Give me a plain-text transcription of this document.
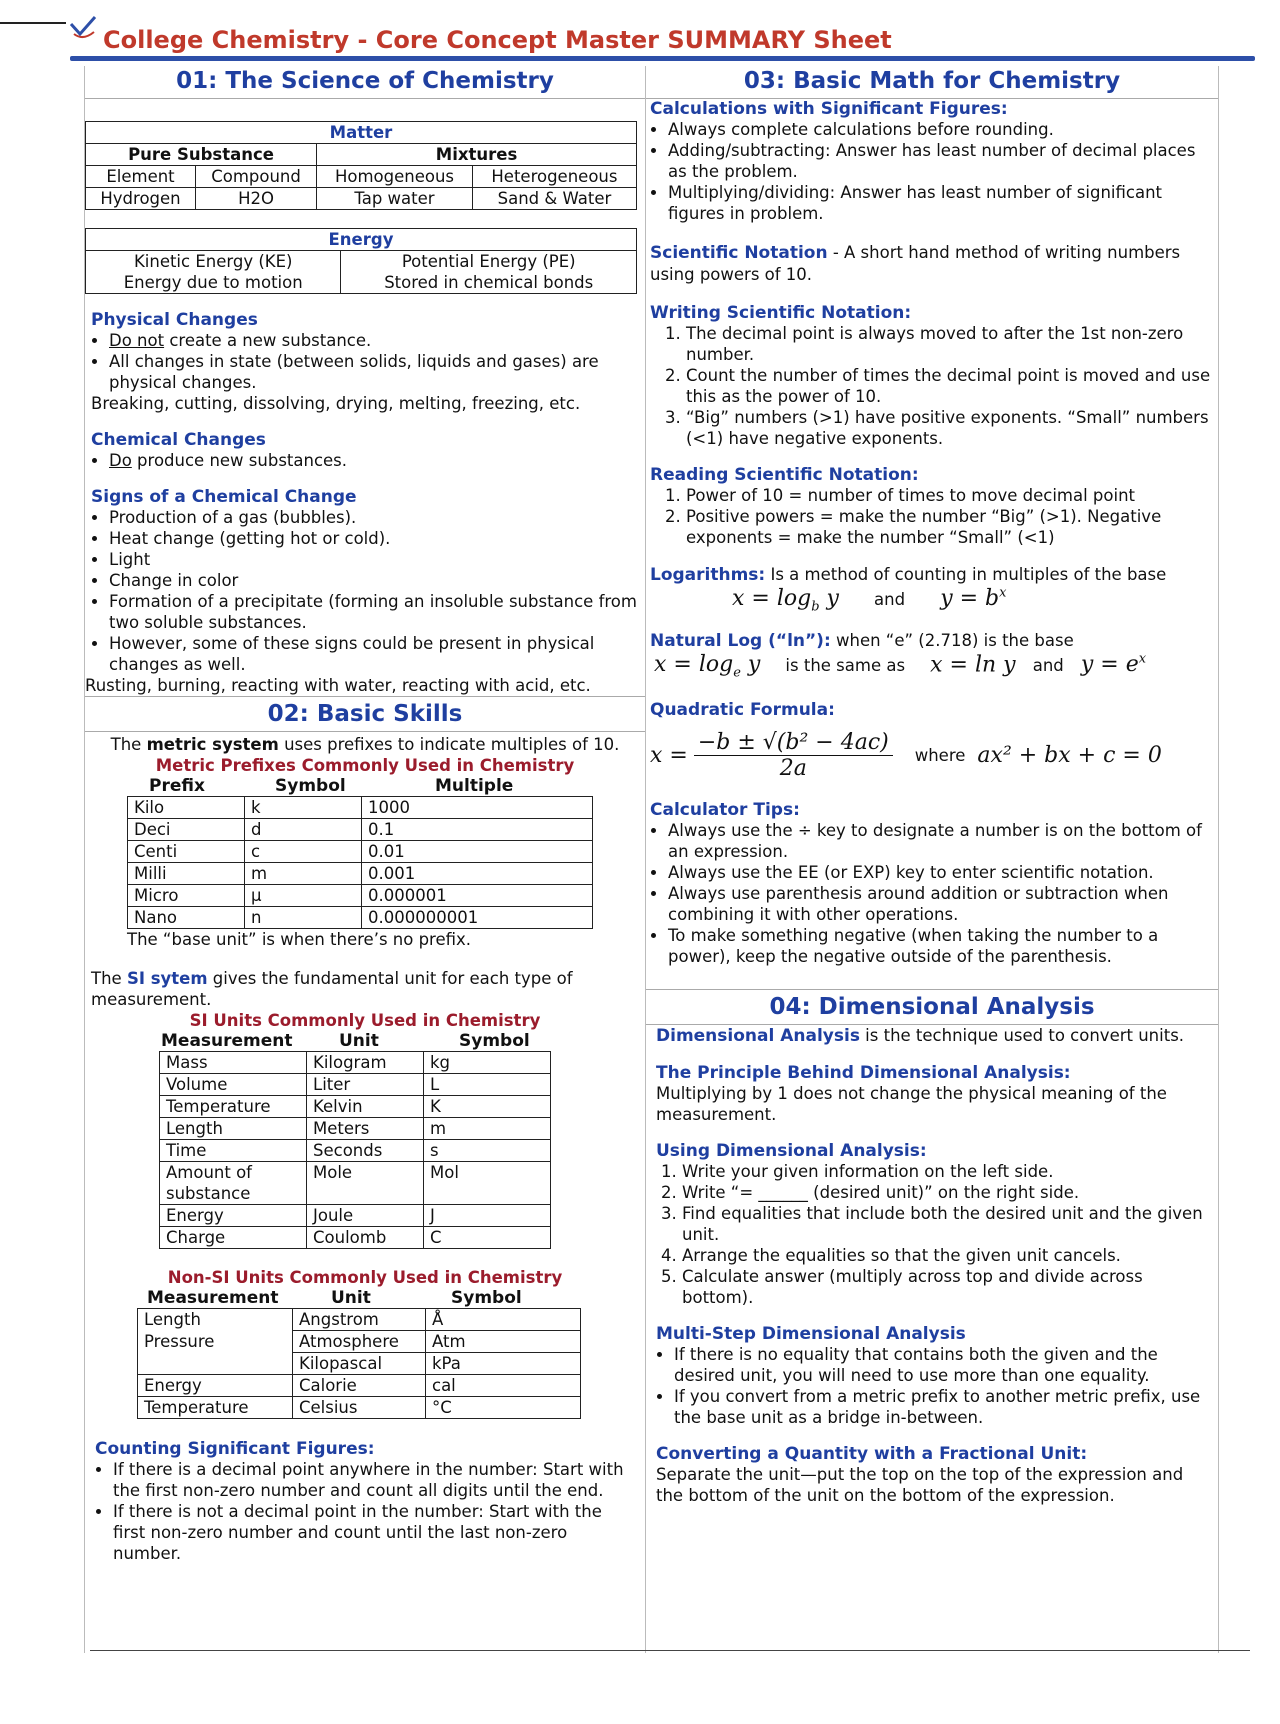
College Chemistry - Core Concept Master SUMMARY Sheet
01: The Science of Chemistry
Matter			
Pure Substance		Mixtures	
Element	Compound	Homogeneous	Heterogeneous
Hydrogen	H2O	Tap water	Sand & Water
Energy	
Kinetic Energy (KE)	Potential Energy (PE)
Energy due to motion	Stored in chemical bonds

Physical Changes

• Do not create a new substance.
• All changes in state (between solids, liquids and gases) are physical changes.

Breaking, cutting, dissolving, drying, melting, freezing, etc.

Chemical Changes

• Do produce new substances.

Signs of a Chemical Change

• Production of a gas (bubbles).
• Heat change (getting hot or cold).
• Light
• Change in color
• Formation of a precipitate (forming an insoluble substance from two soluble substances.
• However, some of these signs could be present in physical changes as well.

Rusting, burning, reacting with water, reacting with acid, etc.

02: Basic Skills

The metric system uses prefixes to indicate multiples of 10.

Metric Prefixes Commonly Used in Chemistry

Prefix	Symbol	Multiple
Kilo	k	1000
Deci	d	0.1
Centi	c	0.01
Milli	m	0.001
Micro	μ	0.000001
Nano	n	0.000000001

The “base unit” is when there’s no prefix.

The SI sytem gives the fundamental unit for each type of measurement.

SI Units Commonly Used in Chemistry

Measurement	Unit	Symbol
Mass	Kilogram	kg
Volume	Liter	L
Temperature	Kelvin	K
Length	Meters	m
Time	Seconds	s
Amount of substance	Mole	Mol
Energy	Joule	J
Charge	Coulomb	C

Non-SI Units Commonly Used in Chemistry

Measurement	Unit	Symbol
Length	Angstrom	Å
Pressure	Atmosphere	Atm
	Kilopascal	kPa
Energy	Calorie	cal
Temperature	Celsius	°C

Counting Significant Figures:

• If there is a decimal point anywhere in the number: Start with the first non-zero number and count all digits until the end.
• If there is not a decimal point in the number: Start with the first non-zero number and count until the last non-zero number.
03: Basic Math for Chemistry

Calculations with Significant Figures:

• Always complete calculations before rounding.
• Adding/subtracting: Answer has least number of decimal places as the problem.
• Multiplying/dividing: Answer has least number of significant figures in problem.

Scientific Notation - A short hand method of writing numbers using powers of 10.

Writing Scientific Notation:

1. The decimal point is always moved to after the 1st non-zero number.
2. Count the number of times the decimal point is moved and use this as the power of 10.
3. “Big” numbers (>1) have positive exponents. “Small” numbers (<1) have negative exponents.

Reading Scientific Notation:

1. Power of 10 = number of times to move decimal point
2. Positive powers = make the number “Big” (>1). Negative exponents = make the number “Small” (<1)

Logarithms: Is a method of counting in multiples of the base

$x = \log_b y$ and $y = b^x$

Natural Log (“ln”): when “e” (2.718) is the base

$x = \log_e y$ is the same as x = ln y and $y = e^x$

Quadratic Formula:

$x = \frac{\text{−b ± √(b² − 4ac)}}{2a}$	where ax² + bx + c = 0

Calculator Tips:

• Always use the ÷ key to designate a number is on the bottom of an expression.
• Always use the EE (or EXP) key to enter scientific notation.
• Always use parenthesis around addition or subtraction when combining it with other operations.
• To make something negative (when taking the number to a power), keep the negative outside of the parenthesis.
04: Dimensional Analysis

Dimensional Analysis is the technique used to convert units.

The Principle Behind Dimensional Analysis:

Multiplying by 1 does not change the physical meaning of the measurement.

Using Dimensional Analysis:

1. Write your given information on the left side.
2. Write “= ______ (desired unit)” on the right side.
3. Find equalities that include both the desired unit and the given unit.
4. Arrange the equalities so that the given unit cancels.
5. Calculate answer (multiply across top and divide across bottom).

Multi-Step Dimensional Analysis

• If there is no equality that contains both the given and the desired unit, you will need to use more than one equality.
• If you convert from a metric prefix to another metric prefix, use the base unit as a bridge in-between.

Converting a Quantity with a Fractional Unit:

Separate the unit—put the top on the top of the expression and the bottom of the unit on the bottom of the expression.
